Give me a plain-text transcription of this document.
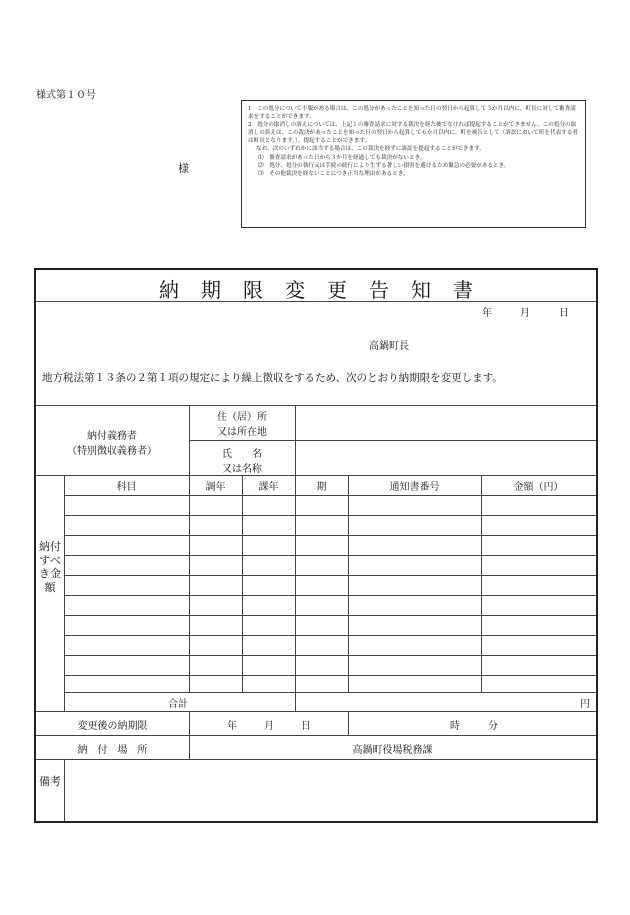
様式第１０号
様

1　この処分について不服がある場合は、この処分があったことを知った日の翌日から起算して３か月以内に、町長に対して審査請求をすることができます。

2　処分の取消しの訴えについては、上記１の審査請求に対する裁決を経た後でなければ提起することができません。この処分の取消しの訴えは、この裁決があったことを知った日の翌日から起算して６か月以内に、町を被告として（訴訟において町を代表する者は町長となります。）、提起することができます。

なお、次のいずれかに該当する場合は、この裁決を経ずに訴訟を提起することができます。

⑴　審査請求があった日から３か月を経過しても裁決がないとき。

⑵　処分、処分の執行又は手続の続行により生ずる著しい損害を避けるため緊急の必要があるとき。

⑶　その他裁決を経ないことにつき正当な理由があるとき。

納期限変更告知書
年	月	日
高鍋町長
地方税法第１３条の２第１項の規定により繰上徴収をするため、次のとおり納期限を変更します。
納付義務者
（特別徴収義務者）
住（居）所
又は所在地
氏　　名
又は名称
納付すべき金額
科目	調年	課年	期	通知書番号	金額（円）
合計	円
変更後の納期限	年	月	日	時	分
納　付　場　所	高鍋町役場税務課
備考
